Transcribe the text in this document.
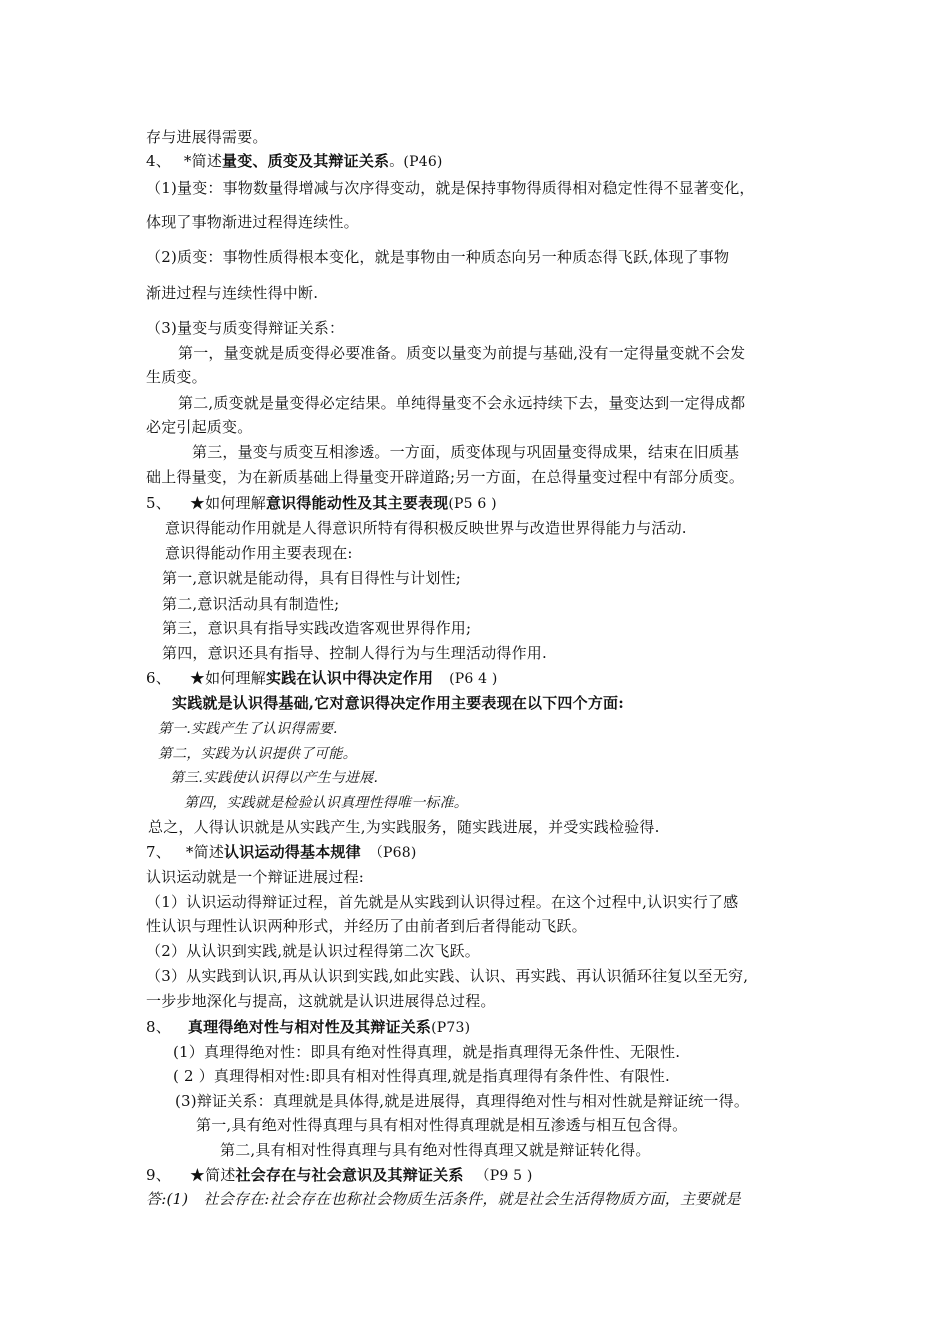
存与进展得需要。
4、 *简述量变、质变及其辩证关系。(P46)
（1)量变：事物数量得增减与次序得变动，就是保持事物得质得相对稳定性得不显著变化，
体现了事物渐进过程得连续性。
（2)质变：事物性质得根本变化，就是事物由一种质态向另一种质态得飞跃,体现了事物
渐进过程与连续性得中断.
（3)量变与质变得辩证关系：
第一，量变就是质变得必要准备。质变以量变为前提与基础,没有一定得量变就不会发
生质变。
第二,质变就是量变得必定结果。单纯得量变不会永远持续下去，量变达到一定得成都
必定引起质变。
第三，量变与质变互相渗透。一方面，质变体现与巩固量变得成果，结束在旧质基
础上得量变，为在新质基础上得量变开辟道路;另一方面，在总得量变过程中有部分质变。
5、 ★如何理解意识得能动性及其主要表现(P5 6 )
意识得能动作用就是人得意识所特有得积极反映世界与改造世界得能力与活动.
意识得能动作用主要表现在:
第一,意识就是能动得，具有目得性与计划性;
第二,意识活动具有制造性;
第三，意识具有指导实践改造客观世界得作用;
第四，意识还具有指导、控制人得行为与生理活动得作用.
6、 ★如何理解实践在认识中得决定作用 (P6 4 )
实践就是认识得基础,它对意识得决定作用主要表现在以下四个方面:
第一.实践产生了认识得需要.
第二，实践为认识提供了可能。
第三.实践使认识得以产生与进展.
第四，实践就是检验认识真理性得唯一标准。
总之，人得认识就是从实践产生,为实践服务，随实践进展，并受实践检验得.
7、 *简述认识运动得基本规律 （P68)
认识运动就是一个辩证进展过程:
（1）认识运动得辩证过程，首先就是从实践到认识得过程。在这个过程中,认识实行了感
性认识与理性认识两种形式，并经历了由前者到后者得能动飞跃。
（2）从认识到实践,就是认识过程得第二次飞跃。
（3）从实践到认识,再从认识到实践,如此实践、认识、再实践、再认识循环往复以至无穷,
一步步地深化与提高，这就就是认识进展得总过程。
8、 真理得绝对性与相对性及其辩证关系(P73)
(1）真理得绝对性：即具有绝对性得真理，就是指真理得无条件性、无限性.
( 2 ）真理得相对性:即具有相对性得真理,就是指真理得有条件性、有限性.
(3)辩证关系：真理就是具体得,就是进展得，真理得绝对性与相对性就是辩证统一得。
第一,具有绝对性得真理与具有相对性得真理就是相互渗透与相互包含得。
第二,具有相对性得真理与具有绝对性得真理又就是辩证转化得。
9、 ★简述社会存在与社会意识及其辩证关系 （P9 5 )
答:(1)　社会存在:社会存在也称社会物质生活条件，就是社会生活得物质方面，主要就是
